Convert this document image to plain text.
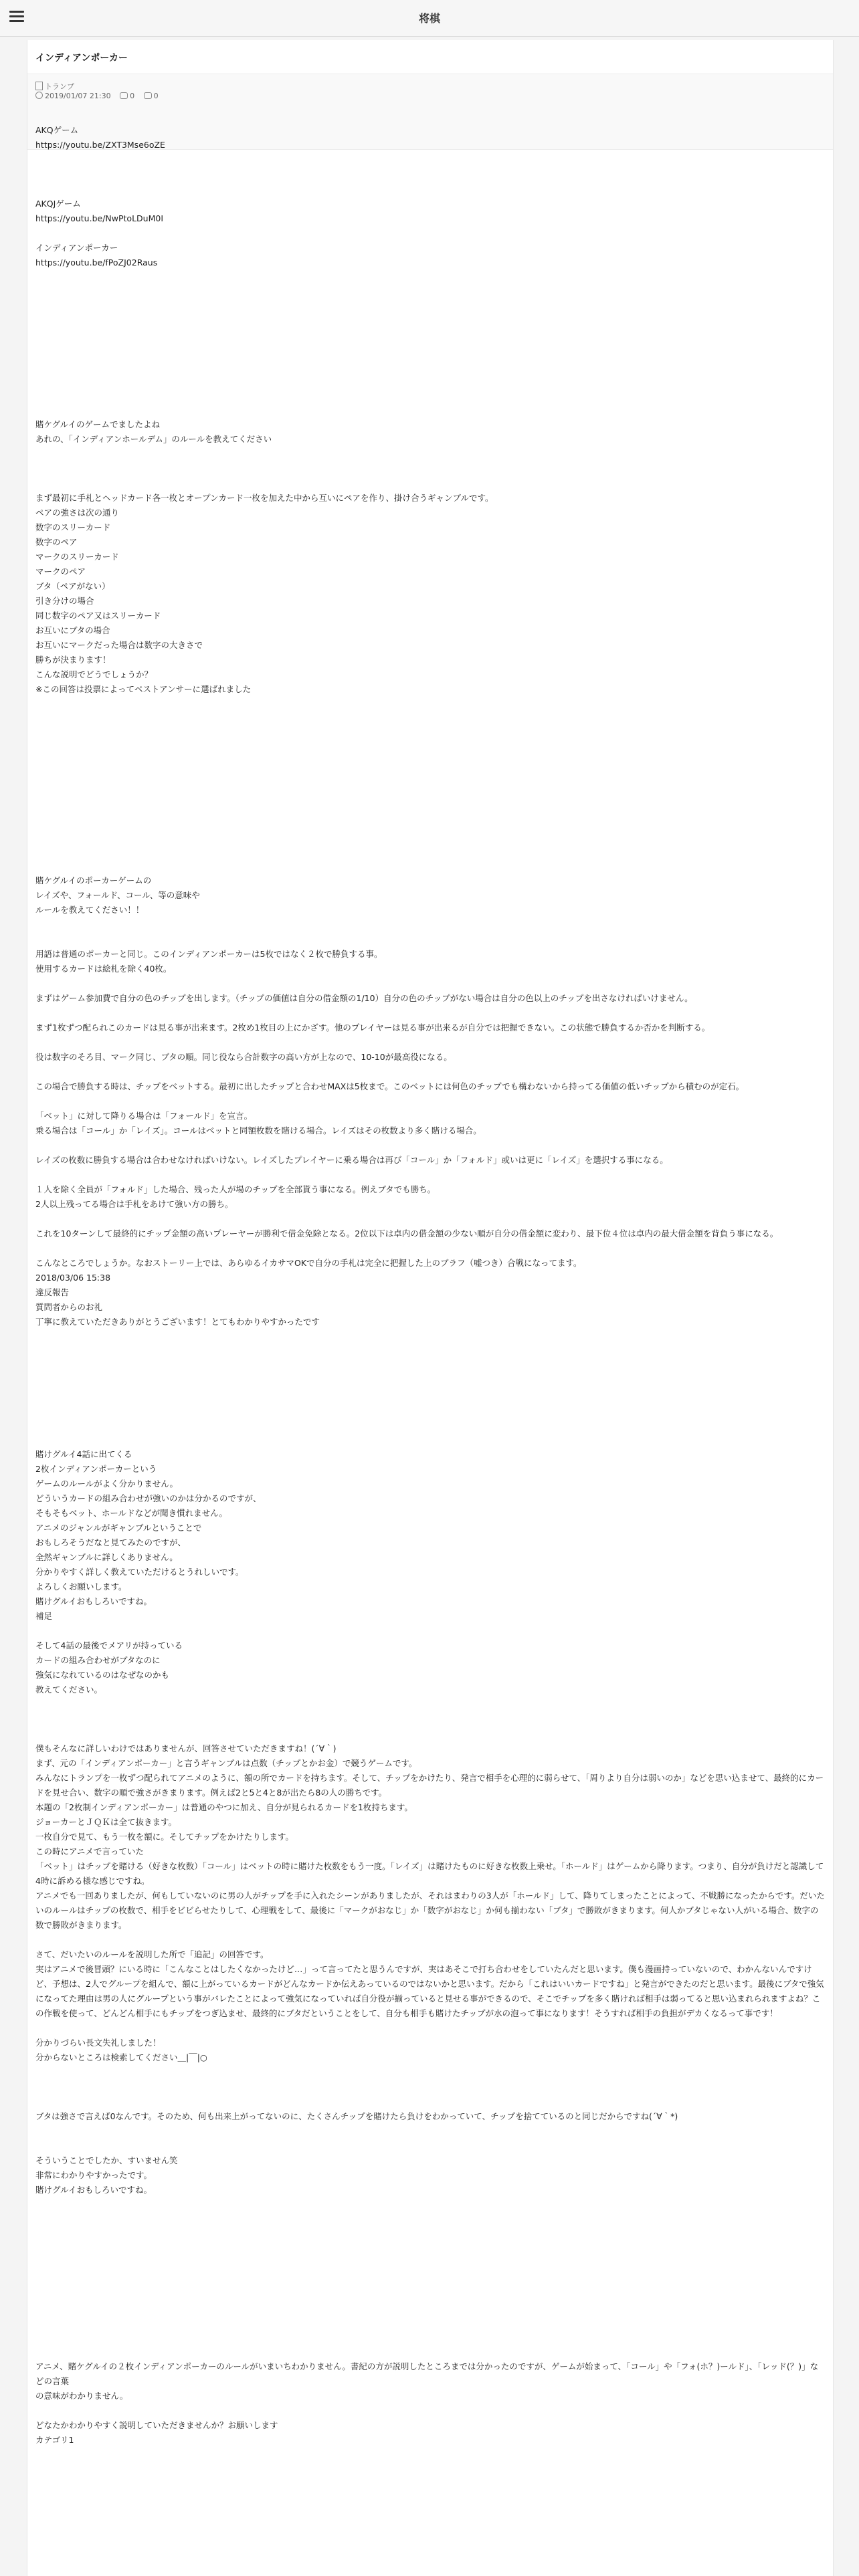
将棋
インディアンポーカー
トランプ
2019/01/07 21:30	0	0

AKQゲーム
https://youtu.be/ZXT3Mse6oZE

AKQJゲーム
https://youtu.be/NwPtoLDuM0I

インディアンポーカー
https://youtu.be/fPoZJ02Raus

賭ケグルイのゲームでましたよね
あれの、「インディアンホールデム」のルールを教えてください

まず最初に手札とヘッドカード各一枚とオープンカード一枚を加えた中から互いにペアを作り、掛け合うギャンブルです。
ペアの強さは次の通り
数字のスリーカード
数字のペア
マークのスリーカード
マークのペア
ブタ（ペアがない）
引き分けの場合
同じ数字のペア又はスリーカード
お互いにブタの場合
お互いにマークだった場合は数字の大きさで
勝ちが決まります！
こんな説明でどうでしょうか？
※この回答は投票によってベストアンサーに選ばれました

賭ケグルイのポーカーゲームの
レイズや、フォールド、コール、等の意味や
ルールを教えてください！！

用語は普通のポーカーと同じ。このインディアンポーカーは5枚ではなく２枚で勝負する事。
使用するカードは絵札を除く40枚。

まずはゲーム参加費で自分の色のチップを出します。（チップの価値は自分の借金額の1/10）自分の色のチップがない場合は自分の色以上のチップを出さなければいけません。

まず1枚ずつ配られこのカードは見る事が出来ます。2枚め1枚目の上にかざす。他のプレイヤーは見る事が出来るが自分では把握できない。この状態で勝負するか否かを判断する。

役は数字のそろ目、マーク同じ、ブタの順。同じ役なら合計数字の高い方が上なので、10-10が最高役になる。

この場合で勝負する時は、チップをベットする。最初に出したチップと合わせMAXは5枚まで。このベットには何色のチップでも構わないから持ってる価値の低いチップから積むのが定石。

「ベット」に対して降りる場合は「フォールド」を宣言。
乗る場合は「コール」か「レイズ」。コールはベットと同額枚数を賭ける場合。レイズはその枚数より多く賭ける場合。

レイズの枚数に勝負する場合は合わせなければいけない。レイズしたプレイヤーに乗る場合は再び「コール」か「フォルド」或いは更に「レイズ」を選択する事になる。

１人を除く全員が「フォルド」した場合、残った人が場のチップを全部貰う事になる。例えブタでも勝ち。
2人以上残ってる場合は手札をあけて強い方の勝ち。

これを10ターンして最終的にチップ金額の高いプレーヤーが勝利で借金免除となる。2位以下は卓内の借金額の少ない順が自分の借金額に変わり、最下位４位は卓内の最大借金額を背負う事になる。

こんなところでしょうか。なおストーリー上では、あらゆるイカサマOKで自分の手札は完全に把握した上のブラフ（嘘つき）合戦になってます。
2018/03/06 15:38
違反報告
質問者からのお礼
丁寧に教えていただきありがとうございます！とてもわかりやすかったです

賭けグルイ4話に出てくる
2枚インディアンポーカーという
ゲームのルールがよく分かりません。
どういうカードの組み合わせが強いのかは分かるのですが、
そもそもベット、ホールドなどが聞き慣れません。
アニメのジャンルがギャンブルということで
おもしろそうだなと見てみたのですが、
全然ギャンブルに詳しくありません。
分かりやすく詳しく教えていただけるとうれしいです。
よろしくお願いします。
賭けグルイおもしろいですね。
補足

そして4話の最後でメアリが持っている
カードの組み合わせがブタなのに
強気になれているのはなぜなのかも
教えてください。

僕もそんなに詳しいわけではありませんが、回答させていただきますね！(´∀｀)
まず、元の「インディアンポーカー」と言うギャンブルは点数（チップとかお金）で競うゲームです。
みんなにトランプを一枚ずつ配られてアニメのように、額の所でカードを持ちます。そして、チップをかけたり、発言で相手を心理的に弱らせて、「周りより自分は弱いのか」などを思い込ませて、最終的にカードを見せ合い、数字の順で強さがきまります。例えば2と5と4と8が出たら8の人の勝ちです。
本題の「2枚制インディアンポーカー」は普通のやつに加え、自分が見られるカードを1枚持ちます。
ジョーカーとＪＱＫは全て抜きます。
一枚自分で見て、もう一枚を額に。そしてチップをかけたりします。
この時にアニメで言っていた
「ベット」はチップを賭ける（好きな枚数）「コール」はベットの時に賭けた枚数をもう一度。「レイズ」は賭けたものに好きな枚数上乗せ。「ホールド」はゲームから降ります。つまり、自分が負けだと認識して4時に訴める様な感じですね。
アニメでも一回ありましたが、何もしていないのに男の人がチップを手に入れたシーンがありましたが、それはまわりの3人が「ホールド」して、降りてしまったことによって、不戦勝になったからです。だいたいのルールはチップの枚数で、相手をビビらせたりして、心理戦をして、最後に「マークがおなじ」か「数字がおなじ」か何も揃わない「ブタ」で勝敗がきまります。何人かブタじゃない人がいる場合、数字の数で勝敗がきまります。

さて、だいたいのルールを説明した所で「追記」の回答です。
実はアニメで後冒頭？にいる時に「こんなことはしたくなかったけど…」って言ってたと思うんですが、実はあそこで打ち合わせをしていたんだと思います。僕も漫画持っていないので、わかんないんですけど、予想は、2人でグループを組んで、額に上がっているカードがどんなカードか伝えあっているのではないかと思います。だから「これはいいカードですね」と発言ができたのだと思います。最後にブタで強気になってた理由は男の人にグループという事がバレたことによって強気になっていれば自分役が揃っていると見せる事ができるので、そこでチップを多く賭ければ相手は弱ってると思い込まれられますよね？この作戦を使って、どんどん相手にもチップをつぎ込ませ、最終的にブタだということをして、自分も相手も賭けたチップが水の泡って事になります！そうすれば相手の負担がデカくなるって事です！

分かりづらい長文失礼しました！
分からないところは検索してください＿|￣|○

ブタは強さで言えば0なんです。そのため、何も出来上がってないのに、たくさんチップを賭けたら負けをわかっていて、チップを捨てているのと同じだからですね(´∀｀*)

そういうことでしたか、すいません笑
非常にわかりやすかったです。
賭けグルイおもしろいですね。

アニメ、賭ケグルイの２枚インディアンポーカーのルールがいまいちわかりません。書紀の方が説明したところまでは分かったのですが、ゲームが始まって、「コール」や「フォ(ホ？)ールド」、「レッド(？)」などの言葉
の意味がわかりません。

どなたかわかりやすく説明していただきませんか？お願いします
カテゴリ1
